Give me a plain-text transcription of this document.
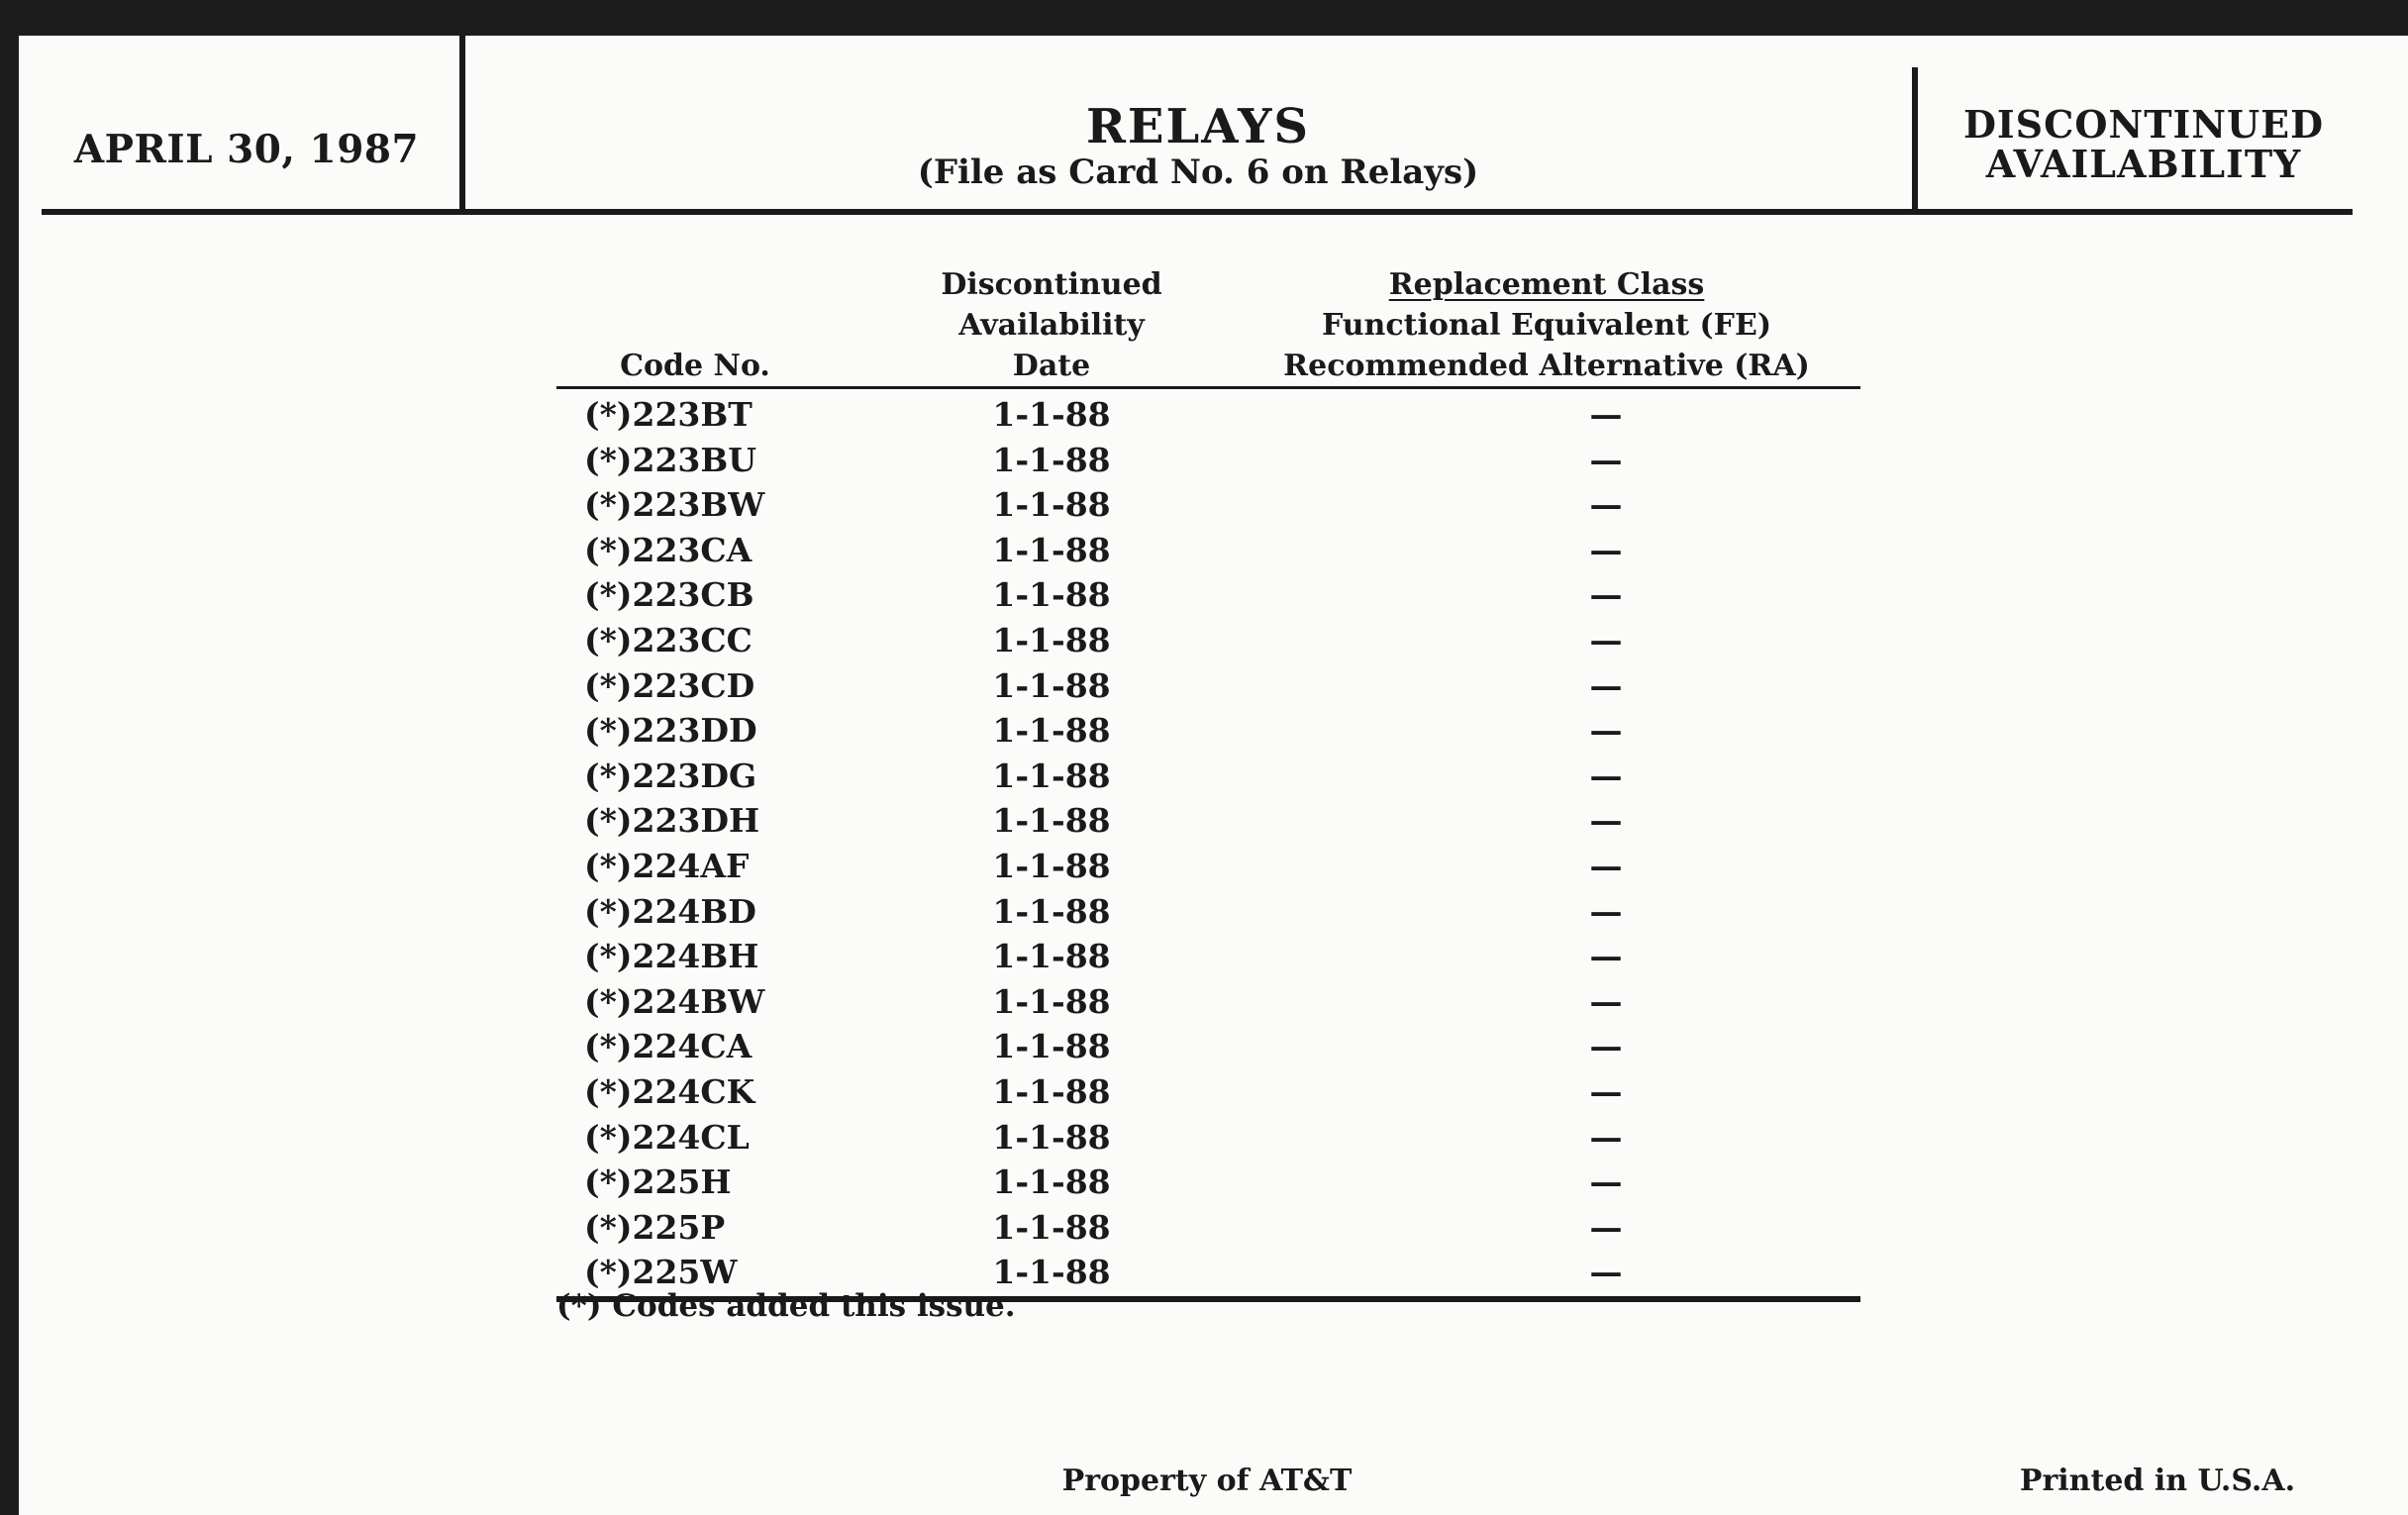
APRIL 30, 1987	RELAYS
(File as Card No. 6 on Relays)
DISCONTINUED
AVAILABILITY
Code No.
Discontinued
Availability
Date
Replacement Class
Functional Equivalent (FE)
Recommended Alternative (RA)
(*)223BT	1-1-88	—
(*)223BU	1-1-88	—
(*)223BW	1-1-88	—
(*)223CA	1-1-88	—
(*)223CB	1-1-88	—
(*)223CC	1-1-88	—
(*)223CD	1-1-88	—
(*)223DD	1-1-88	—
(*)223DG	1-1-88	—
(*)223DH	1-1-88	—
(*)224AF	1-1-88	—
(*)224BD	1-1-88	—
(*)224BH	1-1-88	—
(*)224BW	1-1-88	—
(*)224CA	1-1-88	—
(*)224CK	1-1-88	—
(*)224CL	1-1-88	—
(*)225H	1-1-88	—
(*)225P	1-1-88	—
(*)225W	1-1-88	—
(*) Codes added this issue.
Property of AT&T	Printed in U.S.A.
